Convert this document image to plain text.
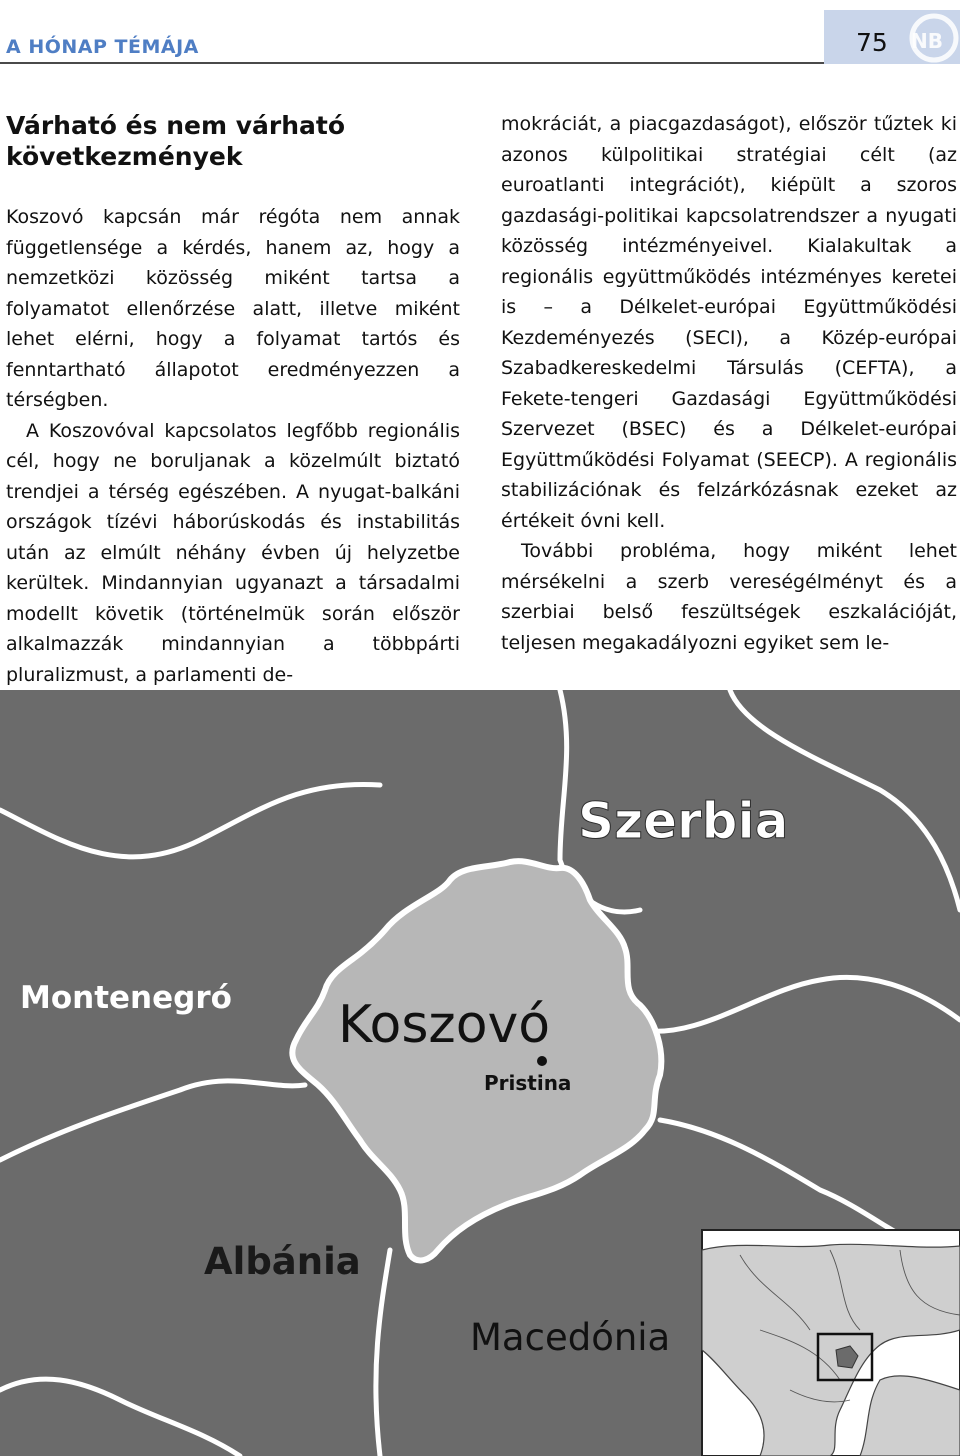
A HÓNAP TÉMÁJA	75 NB
Várható és nem várható következmények

Koszovó kapcsán már régóta nem annak függetlensége a kérdés, hanem az, hogy a nemzetközi közösség miként tartsa a folyamatot ellenőrzése alatt, illetve miként lehet elérni, hogy a folyamat tartós és fenntartható állapotot eredményezzen a térségben.

A Koszovóval kapcsolatos legfőbb regionális cél, hogy ne boruljanak a közelmúlt biztató trendjei a térség egészében. A nyugat-balkáni országok tízévi háborúskodás és instabilitás után az elmúlt néhány évben új helyzetbe kerültek. Mindannyian ugyanazt a társadalmi modellt követik (történelmük során először alkalmazzák mindannyian a többpárti pluralizmust, a parlamenti de-

mokráciát, a piacgazdaságot), először tűztek ki azonos külpolitikai stratégiai célt (az euroatlanti integrációt), kiépült a szoros gazdasági-politikai kapcsolatrendszer a nyugati közösség intézményeivel. Kialakultak a regionális együttműködés intézményes keretei is – a Délkelet-európai Együttműködési Kezdeményezés (SECI), a Közép-európai Szabadkereskedelmi Társulás (CEFTA), a Fekete-tengeri Gazdasági Együttműködési Szervezet (BSEC) és a Délkelet-európai Együttműködési Folyamat (SEECP). A regionális stabilizációnak és felzárkózásnak ezeket az értékeit óvni kell.

További probléma, hogy miként lehet mérsékelni a szerb vereségélményt és a szerbiai belső feszültségek eszkalációját, teljesen megakadályozni egyiket sem le-

Szerbia
Montenegró Koszovó
Pristina
Albánia
Macedónia
